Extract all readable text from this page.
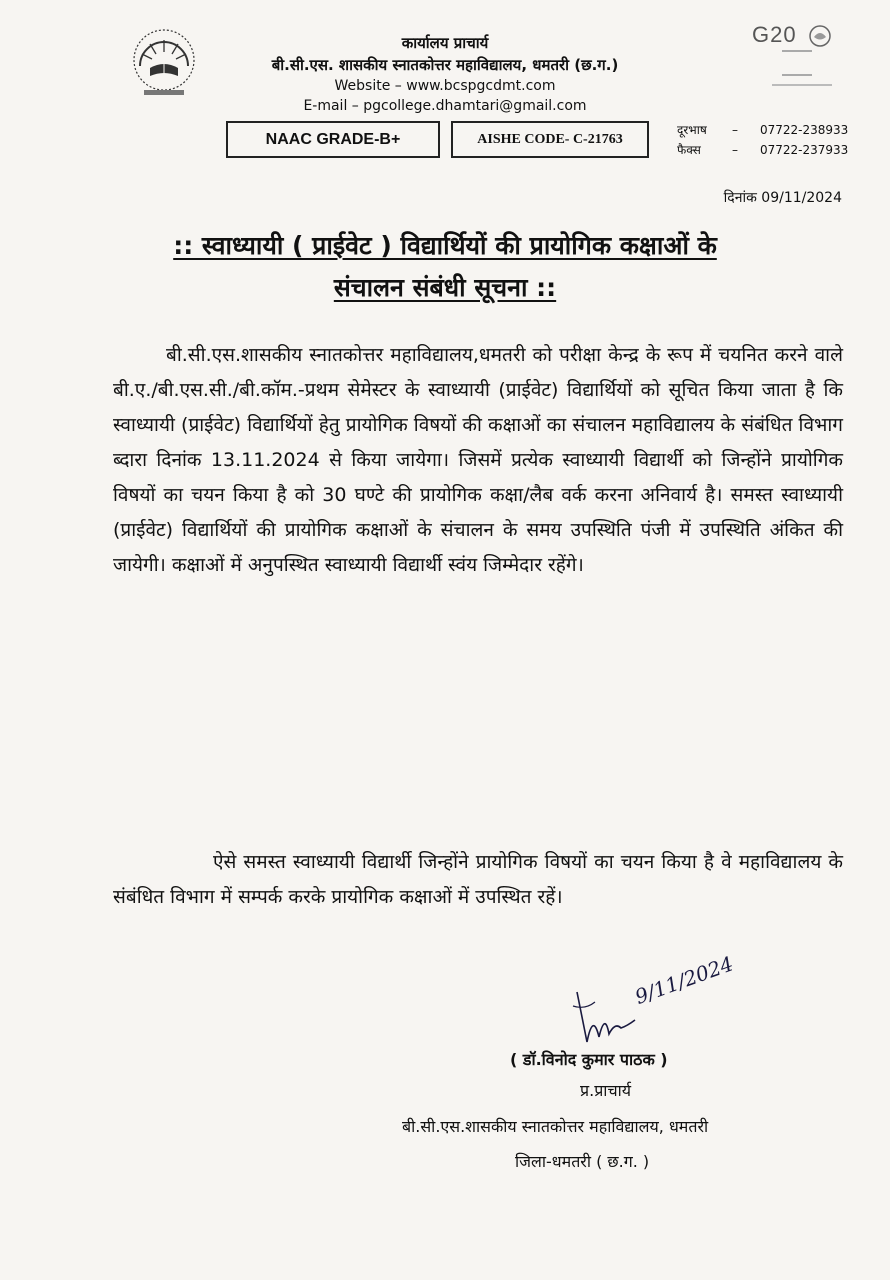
कार्यालय प्राचार्य
बी.सी.एस. शासकीय स्नातकोत्तर महाविद्यालय, धमतरी (छ.ग.)
Website – www.bcspgcdmt.com
E-mail – pgcollege.dhamtari@gmail.com
G20
NAAC GRADE-B+	AISHE CODE- C-21763
दूरभाष	–	07722-238933
फैक्स	–	07722-237933
दिनांक 09/11/2024
:: स्वाध्यायी ( प्राईवेट ) विद्यार्थियों की प्रायोगिक कक्षाओं के
संचालन संबंधी सूचना ::
बी.सी.एस.शासकीय स्नातकोत्तर महाविद्यालय,धमतरी को परीक्षा केन्द्र के रूप में चयनित करने वाले बी.ए./बी.एस.सी./बी.कॉम.-प्रथम सेमेस्टर के स्वाध्यायी (प्राईवेट) विद्यार्थियों को सूचित किया जाता है कि स्वाध्यायी (प्राईवेट) विद्यार्थियों हेतु प्रायोगिक विषयों की कक्षाओं का संचालन महाविद्यालय के संबंधित विभाग ब्दारा दिनांक 13.11.2024 से किया जायेगा। जिसमें प्रत्येक स्वाध्यायी विद्यार्थी को जिन्होंने प्रायोगिक विषयों का चयन किया है को 30 घण्टे की प्रायोगिक कक्षा/लैब वर्क करना अनिवार्य है। समस्त स्वाध्यायी (प्राईवेट) विद्यार्थियों की प्रायोगिक कक्षाओं के संचालन के समय उपस्थिति पंजी में उपस्थिति अंकित की जायेगी। कक्षाओं में अनुपस्थित स्वाध्यायी विद्यार्थी स्वंय जिम्मेदार रहेंगे।
ऐसे समस्त स्वाध्यायी विद्यार्थी जिन्होंने प्रायोगिक विषयों का चयन किया है वे महाविद्यालय के संबंधित विभाग में सम्पर्क करके प्रायोगिक कक्षाओं में उपस्थित रहें।
9/11/2024
( डॉ.विनोद कुमार पाठक )
प्र.प्राचार्य
बी.सी.एस.शासकीय स्नातकोत्तर महाविद्यालय, धमतरी
जिला-धमतरी ( छ.ग. )
